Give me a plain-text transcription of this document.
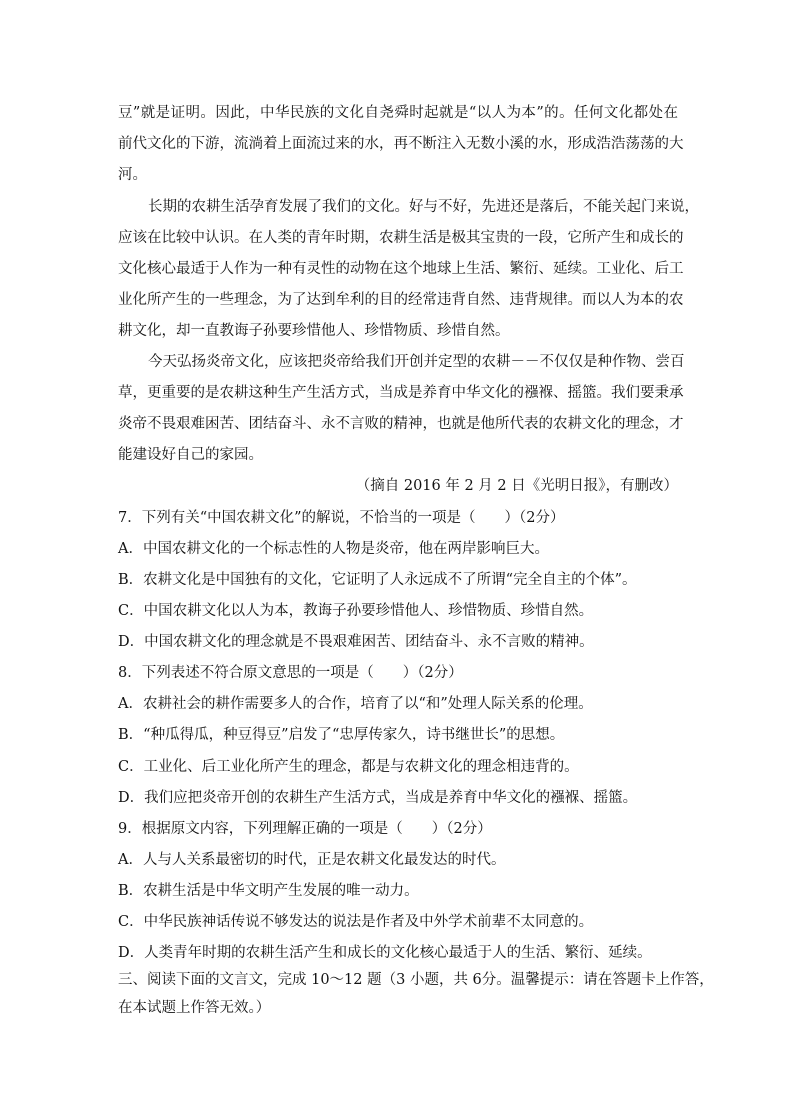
豆”就是证明。因此，中华民族的文化自尧舜时起就是“以人为本”的。任何文化都处在
前代文化的下游，流淌着上面流过来的水，再不断注入无数小溪的水，形成浩浩荡荡的大
河。
长期的农耕生活孕育发展了我们的文化。好与不好，先进还是落后，不能关起门来说，
应该在比较中认识。在人类的青年时期，农耕生活是极其宝贵的一段，它所产生和成长的
文化核心最适于人作为一种有灵性的动物在这个地球上生活、繁衍、延续。工业化、后工
业化所产生的一些理念，为了达到牟利的目的经常违背自然、违背规律。而以人为本的农
耕文化，却一直教诲子孙要珍惜他人、珍惜物质、珍惜自然。
今天弘扬炎帝文化，应该把炎帝给我们开创并定型的农耕－－不仅仅是种作物、尝百
草，更重要的是农耕这种生产生活方式，当成是养育中华文化的襁褓、摇篮。我们要秉承
炎帝不畏艰难困苦、团结奋斗、永不言败的精神，也就是他所代表的农耕文化的理念，才
能建设好自己的家园。
（摘自 2016 年 2 月 2 日《光明日报》，有删改）
7．下列有关“中国农耕文化”的解说，不恰当的一项是（　　）（2分）
A．中国农耕文化的一个标志性的人物是炎帝，他在两岸影响巨大。
B．农耕文化是中国独有的文化，它证明了人永远成不了所谓“完全自主的个体”。
C．中国农耕文化以人为本，教诲子孙要珍惜他人、珍惜物质、珍惜自然。
D．中国农耕文化的理念就是不畏艰难困苦、团结奋斗、永不言败的精神。
8．下列表述不符合原文意思的一项是（　　）（2分）
A．农耕社会的耕作需要多人的合作，培育了以“和”处理人际关系的伦理。
B．“种瓜得瓜，种豆得豆”启发了“忠厚传家久，诗书继世长”的思想。
C．工业化、后工业化所产生的理念，都是与农耕文化的理念相违背的。
D．我们应把炎帝开创的农耕生产生活方式，当成是养育中华文化的襁褓、摇篮。
9．根据原文内容，下列理解正确的一项是（　　）（2分）
A．人与人关系最密切的时代，正是农耕文化最发达的时代。
B．农耕生活是中华文明产生发展的唯一动力。
C．中华民族神话传说不够发达的说法是作者及中外学术前辈不太同意的。
D．人类青年时期的农耕生活产生和成长的文化核心最适于人的生活、繁衍、延续。
三、阅读下面的文言文，完成 10～12 题（3 小题，共 6分。温馨提示：请在答题卡上作答，
在本试题上作答无效。）
